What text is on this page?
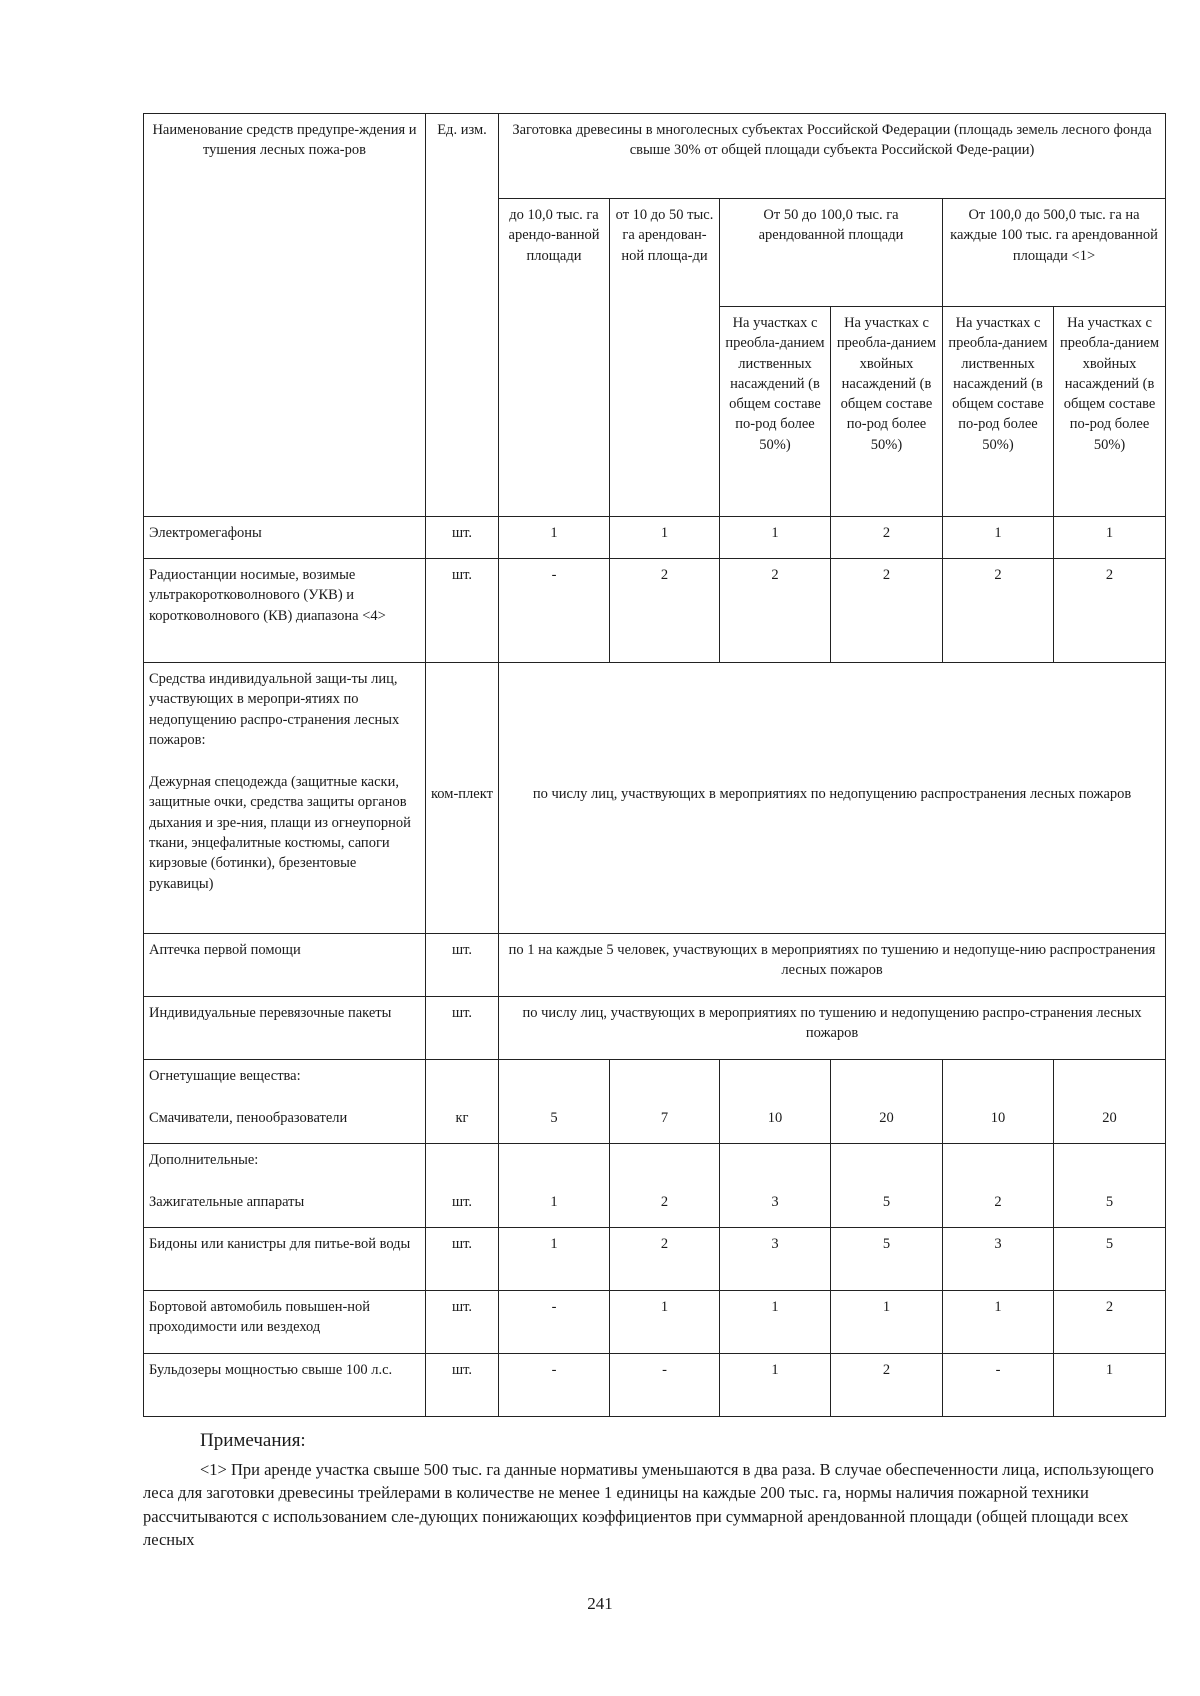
Наименование средств предупре-ждения и тушения лесных пожа-ров	Ед. изм.	Заготовка древесины в многолесных субъектах Российской Федерации (площадь земель лесного фонда свыше 30% от общей площади субъекта Российской Феде-рации)					
		до 10,0 тыс. га арендо-ванной площади	от 10 до 50 тыс. га арендован-ной площа-ди	От 50 до 100,0 тыс. га арендованной площади		От 100,0 до 500,0 тыс. га на каждые 100 тыс. га арендованной площади <1>	
				На участках с преобла-данием лиственных насаждений (в общем составе по-род более 50%)	На участках с преобла-данием хвойных насаждений (в общем составе по-род более 50%)	На участках с преобла-данием лиственных насаждений (в общем составе по-род более 50%)	На участках с преобла-данием хвойных насаждений (в общем составе по-род более 50%)
Электромегафоны	шт.	1	1	1	2	1	1
Радиостанции носимые, возимые ультракоротковолнового (УКВ) и коротковолнового (КВ) диапазона <4>	шт.	-	2	2	2	2	2

Средства индивидуальной защи-ты лиц, участвующих в меропри-ятиях по недопущению распро-странения лесных пожаров:
Дежурная спецодежда (защитные каски, защитные очки, средства защиты органов дыхания и зре-ния, плащи из огнеупорной ткани, энцефалитные костюмы, сапоги кирзовые (ботинки), брезентовые рукавицы)	ком-плект	по числу лиц, участвующих в мероприятиях по недопущению распространения лесных пожаров					

Аптечка первой помощи	шт.	по 1 на каждые 5 человек, участвующих в мероприятиях по тушению и недопуще-нию распространения лесных пожаров					
Индивидуальные перевязочные пакеты	шт.	по числу лиц, участвующих в мероприятиях по тушению и недопущению распро-странения лесных пожаров					

Огнетушащие вещества:
Смачиватели, пенообразователи	кг	5	7	10	20	10	20

Дополнительные:
Зажигательные аппараты	шт.	1	2	3	5	2	5

Бидоны или канистры для питье-вой воды	шт.	1	2	3	5	3	5
Бортовой автомобиль повышен-ной проходимости или вездеход	шт.	-	1	1	1	1	2
Бульдозеры мощностью свыше 100 л.с.	шт.	-	-	1	2	-	1
Примечания:
<1> При аренде участка свыше 500 тыс. га данные нормативы уменьшаются в два раза. В случае обеспеченности лица, использующего леса для заготовки древесины трейлерами в количестве не менее 1 единицы на каждые 200 тыс. га, нормы наличия пожарной техники рассчитываются с использованием сле-дующих понижающих коэффициентов при суммарной арендованной площади (общей площади всех лесных
241
